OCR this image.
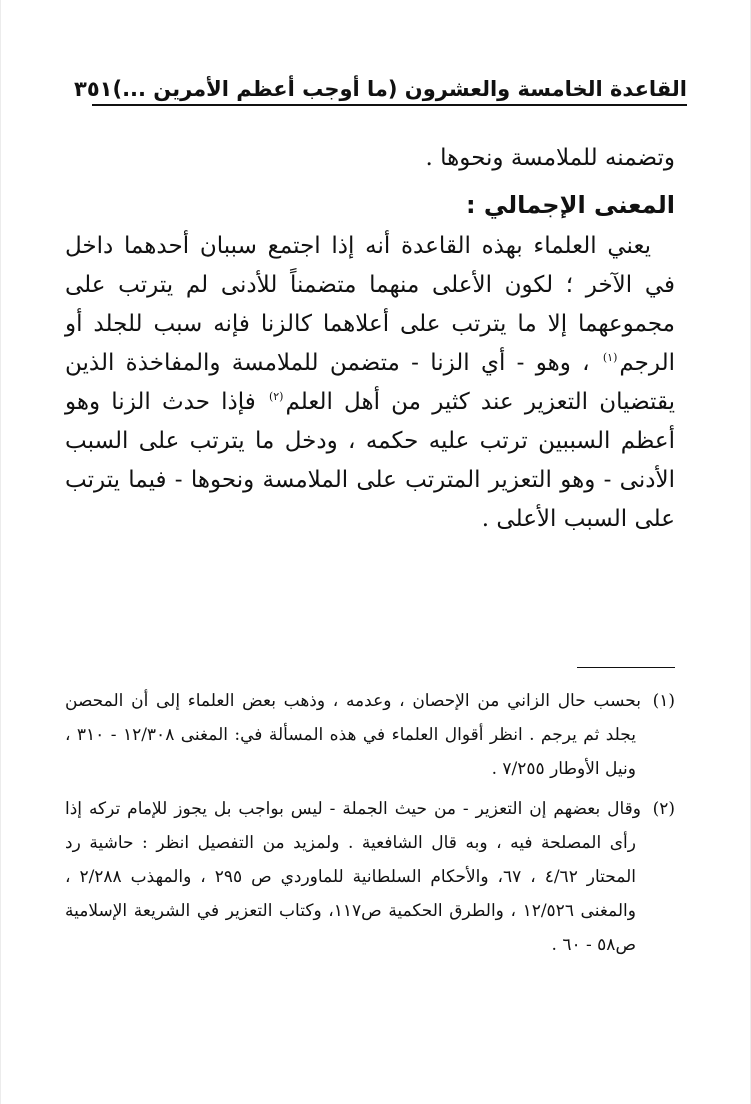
القاعدة الخامسة والعشرون (ما أوجب أعظم الأمرين ...)
٣٥١

وتضمنه للملامسة ونحوها .

المعنى الإجمالي :

يعني العلماء بهذه القاعدة أنه إذا اجتمع سببان أحدهما داخل في الآخر ؛ لكون الأعلى منهما متضمناً للأدنى لم يترتب على مجموعهما إلا ما يترتب على أعلاهما كالزنا فإنه سبب للجلد أو الرجم$^{(١)}$ ، وهو - أي الزنا - متضمن للملامسة والمفاخذة الذين يقتضيان التعزير عند كثير من أهل العلم$^{(٢)}$ فإذا حدث الزنا وهو أعظم السببين ترتب عليه حكمه ، ودخل ما يترتب على السبب الأدنى - وهو التعزير المترتب على الملامسة ونحوها - فيما يترتب على السبب الأعلى .

(١)بحسب حال الزاني من الإحصان ، وعدمه ، وذهب بعض العلماء إلى أن المحصن يجلد ثم يرجم . انظر أقوال العلماء في هذه المسألة في: المغنى ١٢/٣٠٨ - ٣١٠ ، ونيل الأوطار ٧/٢٥٥ .

(٢)وقال بعضهم إن التعزير - من حيث الجملة - ليس بواجب بل يجوز للإمام تركه إذا رأى المصلحة فيه ، وبه قال الشافعية . ولمزيد من التفصيل انظر : حاشية رد المحتار ٤/٦٢ ، ٦٧، والأحكام السلطانية للماوردي ص ٢٩٥ ، والمهذب ٢/٢٨٨ ، والمغنى ١٢/٥٢٦ ، والطرق الحكمية ص١١٧، وكتاب التعزير في الشريعة الإسلامية ص٥٨ - ٦٠ .
